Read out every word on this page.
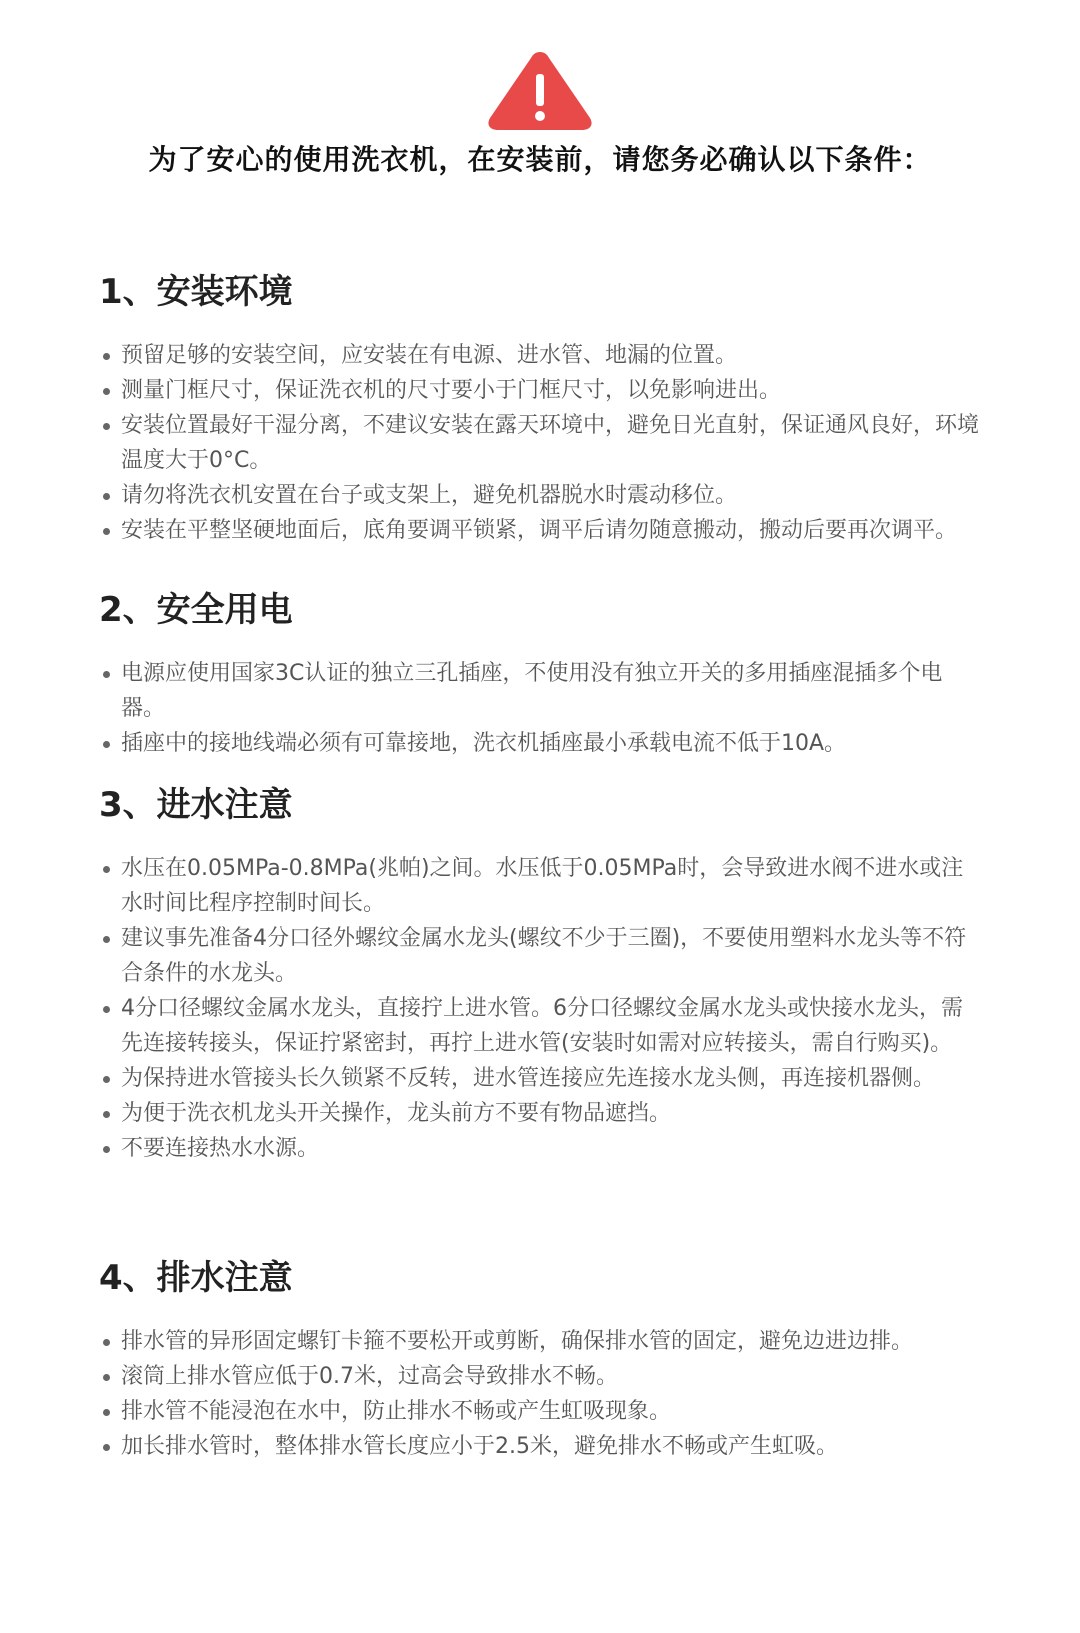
为了安心的使用洗衣机，在安装前，请您务必确认以下条件：
1、安装环境
预留足够的安装空间，应安装在有电源、进水管、地漏的位置。
测量门框尺寸，保证洗衣机的尺寸要小于门框尺寸，以免影响进出。
安装位置最好干湿分离，不建议安装在露天环境中，避免日光直射，保证通风良好，环境温度大于0°C。
请勿将洗衣机安置在台子或支架上，避免机器脱水时震动移位。
安装在平整坚硬地面后，底角要调平锁紧，调平后请勿随意搬动，搬动后要再次调平。
2、安全用电
电源应使用国家3C认证的独立三孔插座，不使用没有独立开关的多用插座混插多个电器。
插座中的接地线端必须有可靠接地，洗衣机插座最小承载电流不低于10A。
3、进水注意
水压在0.05MPa-0.8MPa(兆帕)之间。水压低于0.05MPa时，会导致进水阀不进水或注水时间比程序控制时间长。
建议事先准备4分口径外螺纹金属水龙头(螺纹不少于三圈)，不要使用塑料水龙头等不符合条件的水龙头。
4分口径螺纹金属水龙头，直接拧上进水管。6分口径螺纹金属水龙头或快接水龙头，需先连接转接头，保证拧紧密封，再拧上进水管(安装时如需对应转接头，需自行购买)。
为保持进水管接头长久锁紧不反转，进水管连接应先连接水龙头侧，再连接机器侧。
为便于洗衣机龙头开关操作，龙头前方不要有物品遮挡。
不要连接热水水源。
4、排水注意
排水管的异形固定螺钉卡箍不要松开或剪断，确保排水管的固定，避免边进边排。
滚筒上排水管应低于0.7米，过高会导致排水不畅。
排水管不能浸泡在水中，防止排水不畅或产生虹吸现象。
加长排水管时，整体排水管长度应小于2.5米，避免排水不畅或产生虹吸。
